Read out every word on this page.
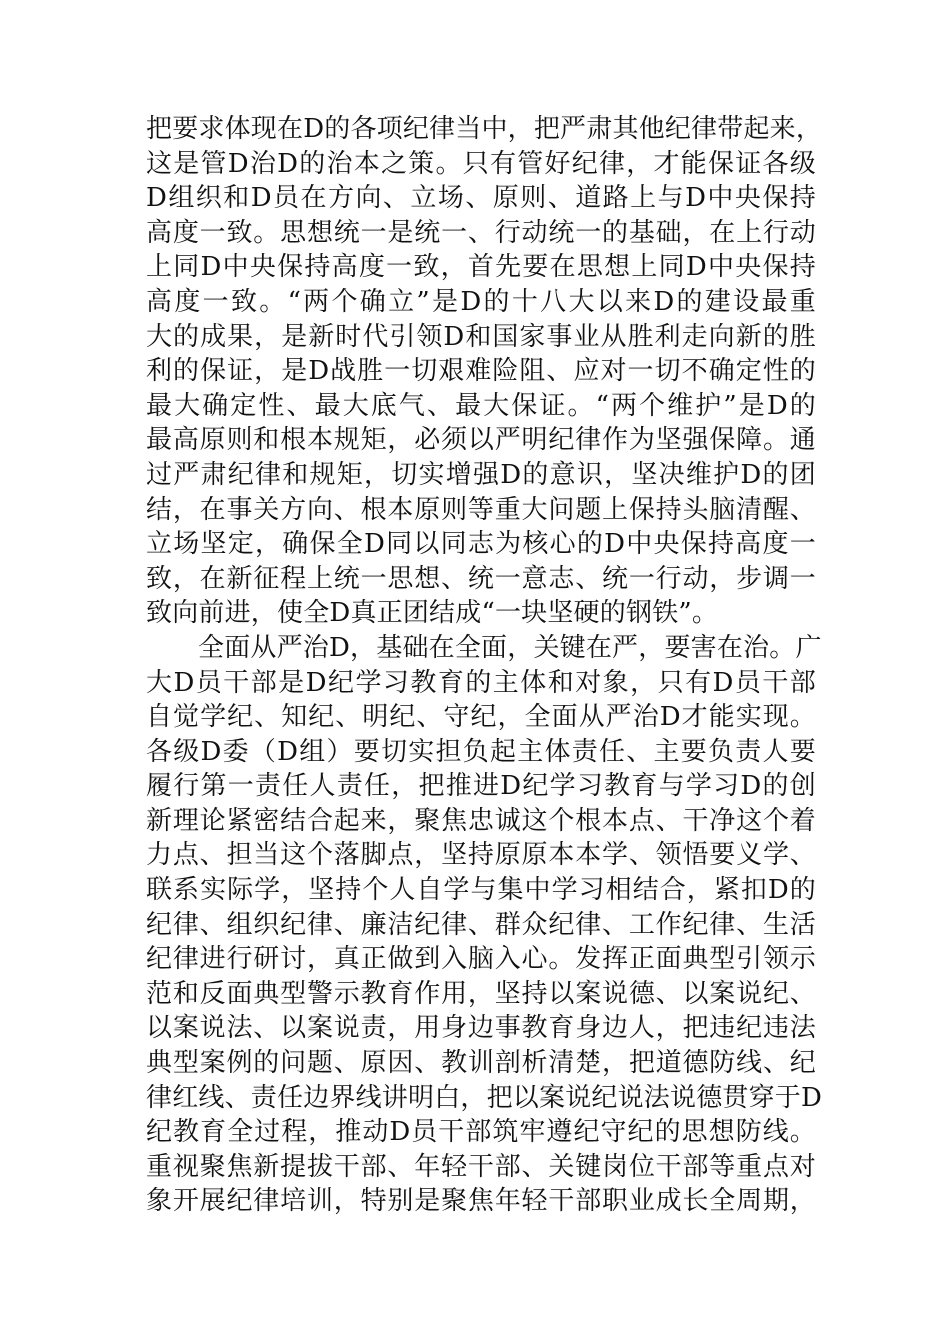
把要求体现在D的各项纪律当中，把严肃其他纪律带起来，
这是管D治D的治本之策。只有管好纪律，才能保证各级
D组织和D员在方向、立场、原则、道路上与D中央保持
高度一致。思想统一是统一、行动统一的基础，在上行动
上同D中央保持高度一致，首先要在思想上同D中央保持
高度一致。“两个确立”是D的十八大以来D的建设最重
大的成果，是新时代引领D和国家事业从胜利走向新的胜
利的保证，是D战胜一切艰难险阻、应对一切不确定性的
最大确定性、最大底气、最大保证。“两个维护”是D的
最高原则和根本规矩，必须以严明纪律作为坚强保障。通
过严肃纪律和规矩，切实增强D的意识，坚决维护D的团
结，在事关方向、根本原则等重大问题上保持头脑清醒、
立场坚定，确保全D同以同志为核心的D中央保持高度一
致，在新征程上统一思想、统一意志、统一行动，步调一
致向前进，使全D真正团结成“一块坚硬的钢铁”。
全面从严治D，基础在全面，关键在严，要害在治。广
大D员干部是D纪学习教育的主体和对象，只有D员干部
自觉学纪、知纪、明纪、守纪，全面从严治D才能实现。
各级D委（D组）要切实担负起主体责任、主要负责人要
履行第一责任人责任，把推进D纪学习教育与学习D的创
新理论紧密结合起来，聚焦忠诚这个根本点、干净这个着
力点、担当这个落脚点，坚持原原本本学、领悟要义学、
联系实际学，坚持个人自学与集中学习相结合，紧扣D的
纪律、组织纪律、廉洁纪律、群众纪律、工作纪律、生活
纪律进行研讨，真正做到入脑入心。发挥正面典型引领示
范和反面典型警示教育作用，坚持以案说德、以案说纪、
以案说法、以案说责，用身边事教育身边人，把违纪违法
典型案例的问题、原因、教训剖析清楚，把道德防线、纪
律红线、责任边界线讲明白，把以案说纪说法说德贯穿于D
纪教育全过程，推动D员干部筑牢遵纪守纪的思想防线。
重视聚焦新提拔干部、年轻干部、关键岗位干部等重点对
象开展纪律培训，特别是聚焦年轻干部职业成长全周期，
